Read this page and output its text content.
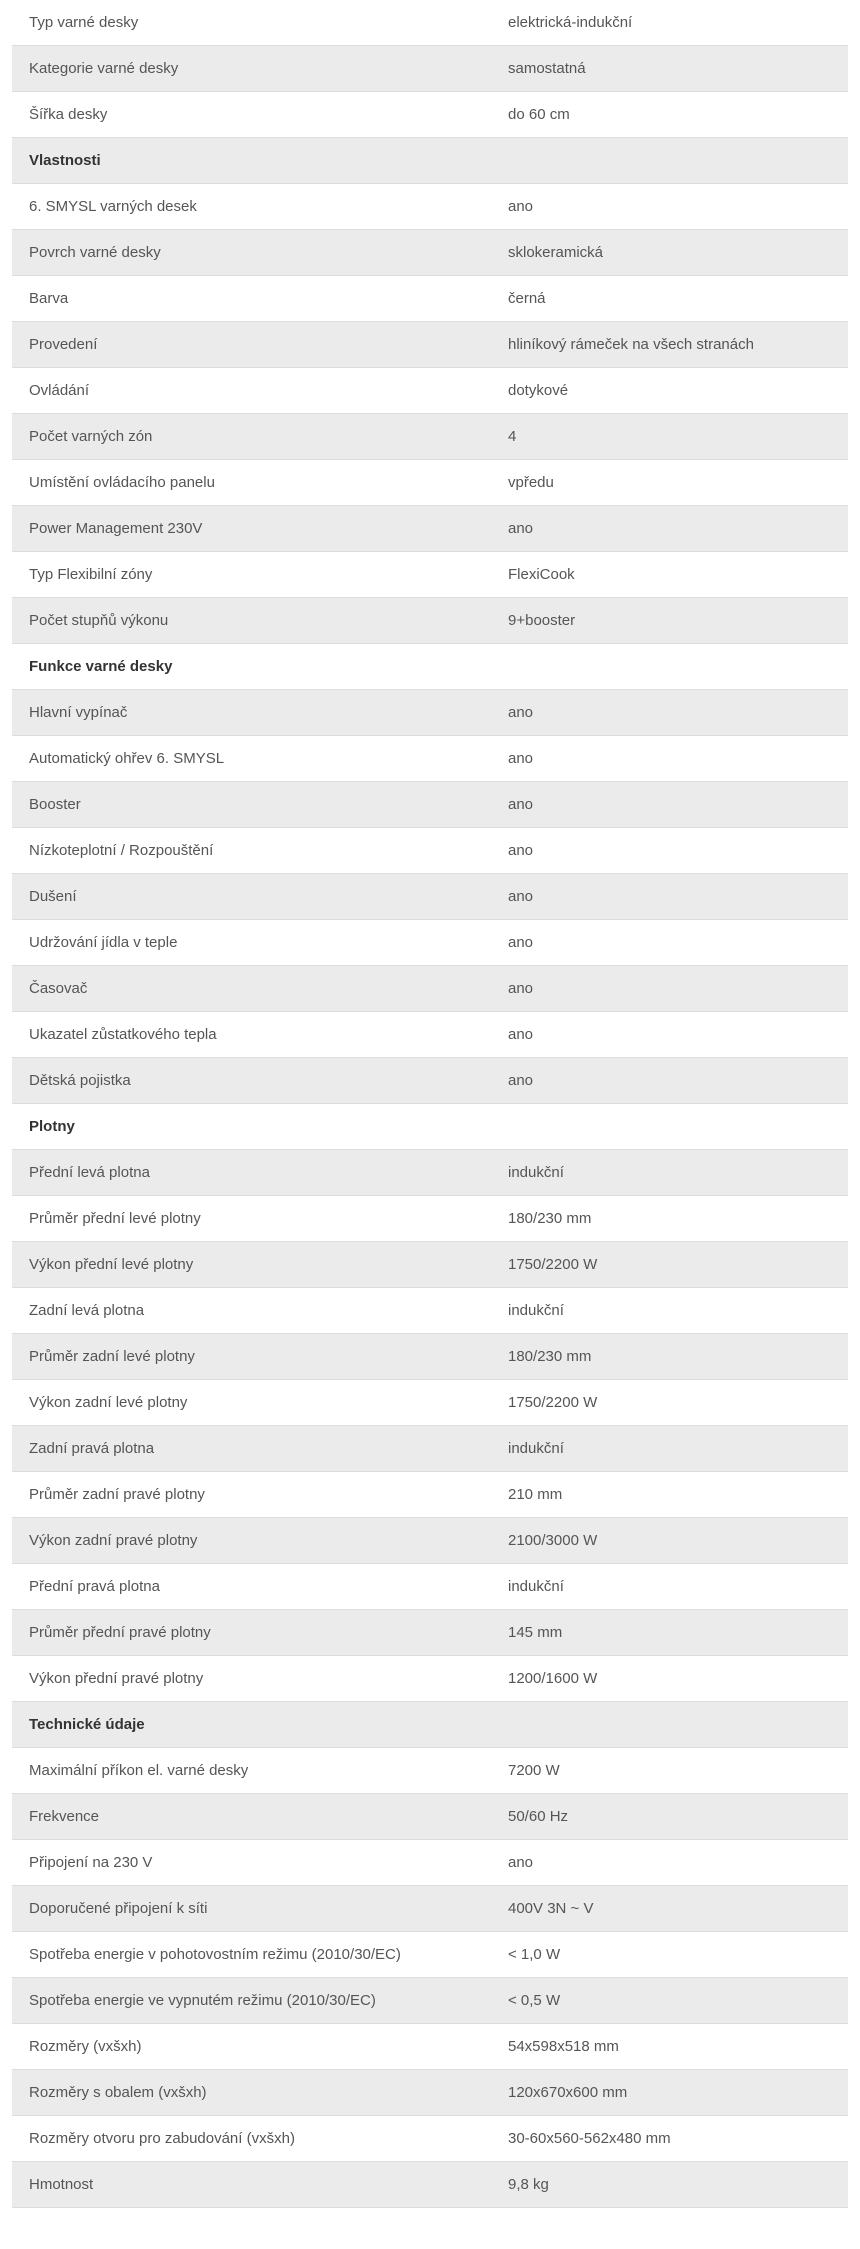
Typ varné desky	elektrická-indukční
Kategorie varné desky	samostatná
Šířka desky	do 60 cm
Vlastnosti
6. SMYSL varných desek	ano
Povrch varné desky	sklokeramická
Barva	černá
Provedení	hliníkový rámeček na všech stranách
Ovládání	dotykové
Počet varných zón	4
Umístění ovládacího panelu	vpředu
Power Management 230V	ano
Typ Flexibilní zóny	FlexiCook
Počet stupňů výkonu	9+booster
Funkce varné desky
Hlavní vypínač	ano
Automatický ohřev 6. SMYSL	ano
Booster	ano
Nízkoteplotní / Rozpouštění	ano
Dušení	ano
Udržování jídla v teple	ano
Časovač	ano
Ukazatel zůstatkového tepla	ano
Dětská pojistka	ano
Plotny
Přední levá plotna	indukční
Průměr přední levé plotny	180/230 mm
Výkon přední levé plotny	1750/2200 W
Zadní levá plotna	indukční
Průměr zadní levé plotny	180/230 mm
Výkon zadní levé plotny	1750/2200 W
Zadní pravá plotna	indukční
Průměr zadní pravé plotny	210 mm
Výkon zadní pravé plotny	2100/3000 W
Přední pravá plotna	indukční
Průměr přední pravé plotny	145 mm
Výkon přední pravé plotny	1200/1600 W
Technické údaje
Maximální příkon el. varné desky	7200 W
Frekvence	50/60 Hz
Připojení na 230 V	ano
Doporučené připojení k síti	400V 3N ~ V
Spotřeba energie v pohotovostním režimu (2010/30/EC)	< 1,0 W
Spotřeba energie ve vypnutém režimu (2010/30/EC)	< 0,5 W
Rozměry (vxšxh)	54x598x518 mm
Rozměry s obalem (vxšxh)	120x670x600 mm
Rozměry otvoru pro zabudování (vxšxh)	30-60x560-562x480 mm
Hmotnost	9,8 kg
